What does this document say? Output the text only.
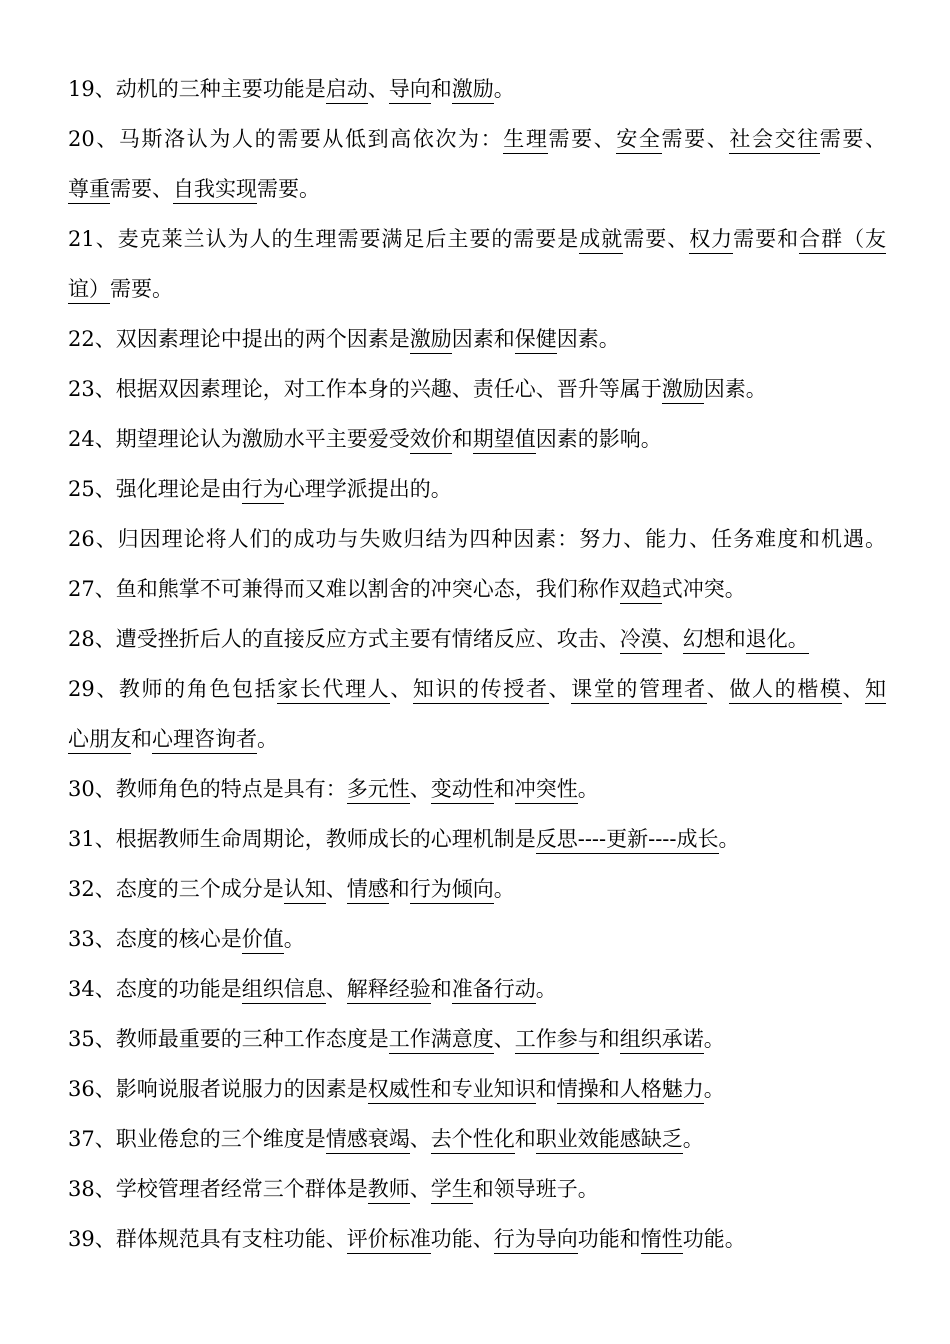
19、动机的三种主要功能是启动、导向和激励。
20、马斯洛认为人的需要从低到高依次为：生理需要、安全需要、社会交往需要、
尊重需要、自我实现需要。
21、麦克莱兰认为人的生理需要满足后主要的需要是成就需要、权力需要和合群（友
谊）需要。
22、双因素理论中提出的两个因素是激励因素和保健因素。
23、根据双因素理论，对工作本身的兴趣、责任心、晋升等属于激励因素。
24、期望理论认为激励水平主要爱受效价和期望值因素的影响。
25、强化理论是由行为心理学派提出的。
26、归因理论将人们的成功与失败归结为四种因素：努力、能力、任务难度和机遇。
27、鱼和熊掌不可兼得而又难以割舍的冲突心态，我们称作双趋式冲突。
28、遭受挫折后人的直接反应方式主要有情绪反应、攻击、冷漠、幻想和退化。
29、教师的角色包括家长代理人、知识的传授者、课堂的管理者、做人的楷模、知
心朋友和心理咨询者。
30、教师角色的特点是具有：多元性、变动性和冲突性。
31、根据教师生命周期论，教师成长的心理机制是反思----更新----成长。
32、态度的三个成分是认知、情感和行为倾向。
33、态度的核心是价值。
34、态度的功能是组织信息、解释经验和准备行动。
35、教师最重要的三种工作态度是工作满意度、工作参与和组织承诺。
36、影响说服者说服力的因素是权威性和专业知识和情操和人格魅力。
37、职业倦怠的三个维度是情感衰竭、去个性化和职业效能感缺乏。
38、学校管理者经常三个群体是教师、学生和领导班子。
39、群体规范具有支柱功能、评价标准功能、行为导向功能和惰性功能。
